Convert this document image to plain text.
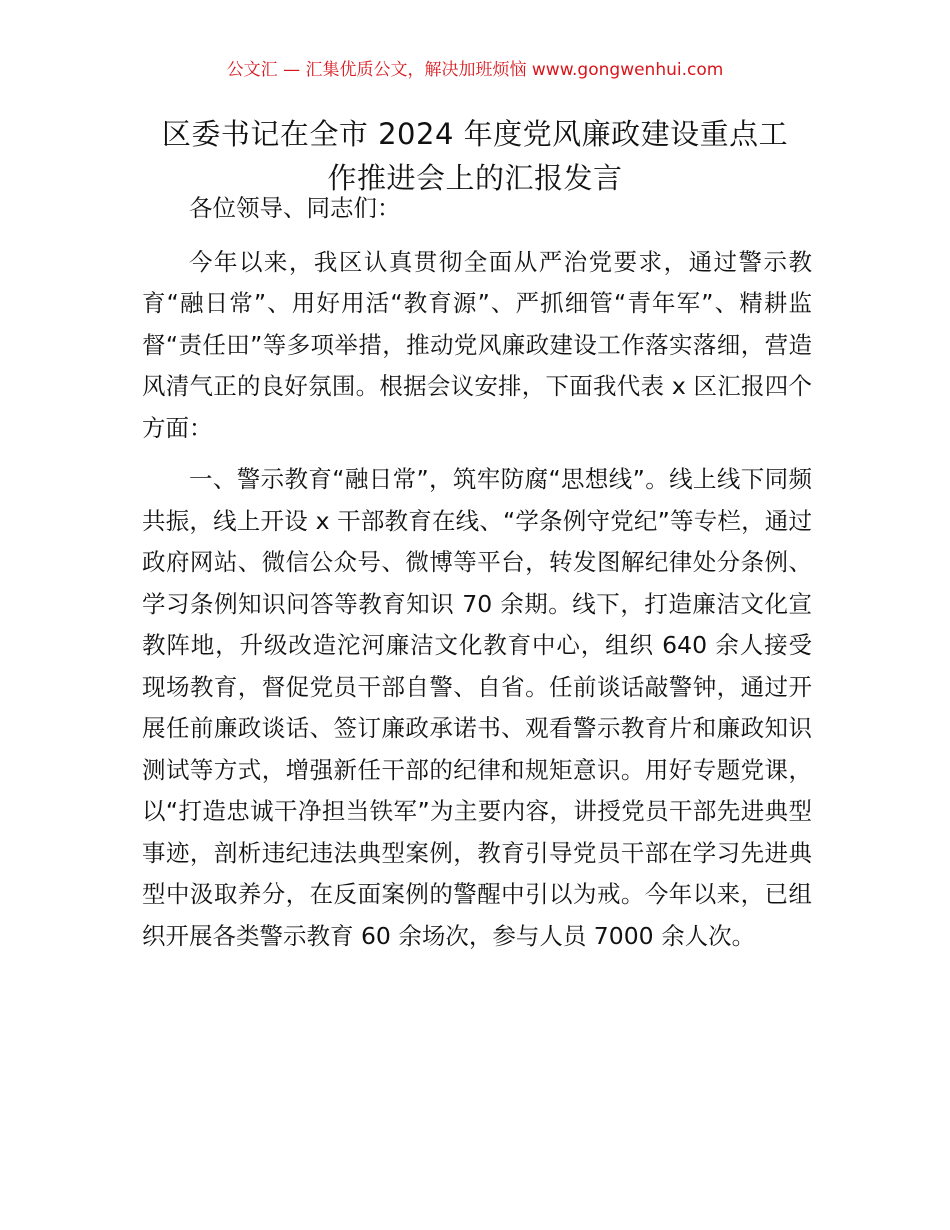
公文汇 — 汇集优质公文，解决加班烦恼 www.gongwenhui.com
区委书记在全市 2024 年度党风廉政建设重点工
作推进会上的汇报发言

各位领导、同志们：

今年以来，我区认真贯彻全面从严治党要求，通过警示教育“融日常”、用好用活“教育源”、严抓细管“青年军”、精耕监督“责任田”等多项举措，推动党风廉政建设工作落实落细，营造风清气正的良好氛围。根据会议安排，下面我代表 x 区汇报四个方面：

一、警示教育“融日常”，筑牢防腐“思想线”。线上线下同频共振，线上开设 x 干部教育在线、“学条例守党纪”等专栏，通过政府网站、微信公众号、微博等平台，转发图解纪律处分条例、学习条例知识问答等教育知识 70 余期。线下，打造廉洁文化宣教阵地，升级改造沱河廉洁文化教育中心，组织 640 余人接受现场教育，督促党员干部自警、自省。任前谈话敲警钟，通过开展任前廉政谈话、签订廉政承诺书、观看警示教育片和廉政知识测试等方式，增强新任干部的纪律和规矩意识。用好专题党课，以“打造忠诚干净担当铁军”为主要内容，讲授党员干部先进典型事迹，剖析违纪违法典型案例，教育引导党员干部在学习先进典型中汲取养分，在反面案例的警醒中引以为戒。今年以来，已组织开展各类警示教育 60 余场次，参与人员 7000 余人次。
